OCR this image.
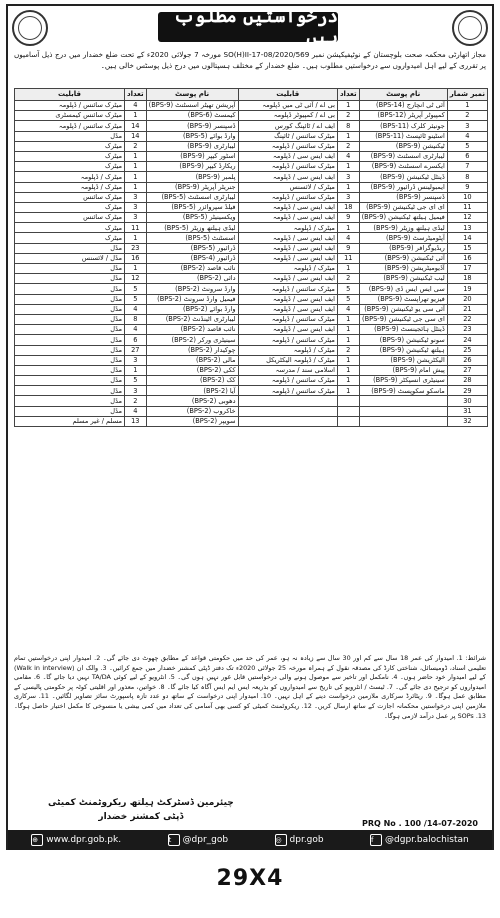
درخواستیں مطلوب ہیں
مجاز اتھارٹی محکمہ صحت بلوچستان کے نوٹیفیکیشن نمبر SO(H)II-17-08/2020/569 مورخہ 7 جولائی 2020ء کے تحت ضلع خضدار میں درج ذیل آسامیوں پر تقرری کے لیے اہل امیدواروں سے درخواستیں مطلوب ہیں۔ ضلع خضدار کے مختلف ہسپتالوں میں درج ذیل پوسٹس خالی ہیں۔
نمبر شمار	نام پوسٹ	تعداد	قابلیت	نام پوسٹ	تعداد	قابلیت
1	آئی ٹی انچارج (BPS-14)	1	بی اے / آئی ٹی میں ڈپلومہ	آپریشن تھیٹر اسسٹنٹ (BPS-9)	4	میٹرک سائنس / ڈپلومہ
2	کمپیوٹر آپریٹر (BPS-12)	2	بی اے / کمپیوٹر ڈپلومہ	کیمسٹ (BPS-6)	1	میٹرک سائنس کیمسٹری
3	جونیئر کلرک (BPS-11)	8	ایف اے / ٹائپنگ کورس	ڈسپنسر (BPS-9)	14	میٹرک سائنس / ڈپلومہ
4	اسٹینو ٹائپسٹ (BPS-11)	1	میٹرک سائنس / ٹائپنگ	وارڈ بوائے (BPS-5)	14	مڈل
5	ٹیکنیشن (BPS-9)	2	میٹرک سائنس / ڈپلومہ	لیبارٹری (BPS-9)	2	میٹرک
6	لیبارٹری اسسٹنٹ (BPS-9)	4	ایف ایس سی / ڈپلومہ	اسٹور کیپر (BPS-9)	1	میٹرک
7	ایکسرے اسسٹنٹ (BPS-9)	1	میٹرک سائنس / ڈپلومہ	ریکارڈ کیپر (BPS-9)	1	میٹرک
8	ڈینٹل ٹیکنیشن (BPS-9)	3	ایف ایس سی / ڈپلومہ	پلمبر (BPS-9)	1	میٹرک / ڈپلومہ
9	ایمبولینس ڈرائیور (BPS-9)	1	میٹرک / لائسنس	جنریٹر آپریٹر (BPS-9)	1	میٹرک / ڈپلومہ
10	ڈسپنسر (BPS-9)	3	میٹرک سائنس / ڈپلومہ	لیبارٹری اسسٹنٹ (BPS-5)	3	میٹرک سائنس
11	ای ای جی ٹیکنیشن (BPS-9)	18	ایف ایس سی / ڈپلومہ	فیلڈ سپروائزر (BPS-5)	3	میٹرک
12	فیمیل ہیلتھ ٹیکنیشن (BPS-9)	9	ایف ایس سی / ڈپلومہ	ویکسینیٹر (BPS-5)	3	میٹرک سائنس
13	لیڈی ہیلتھ وزیٹر (BPS-9)	1	میٹرک / ڈپلومہ	لیڈی ہیلتھ وزیٹر (BPS-5)	11	میٹرک
14	آپٹومیٹرسٹ (BPS-9)	4	ایف ایس سی / ڈپلومہ	اسسٹنٹ (BPS-5)	1	میٹرک
15	ریڈیوگرافر (BPS-9)	9	ایف ایس سی / ڈپلومہ	ڈرائیور (BPS-5)	23	مڈل
16	آئی ٹیکنیشن (BPS-9)	11	ایف ایس سی / ڈپلومہ	ڈرائیور (BPS-4)	16	مڈل / لائسنس
17	آڈیومیٹریشن (BPS-9)	1	میٹرک / ڈپلومہ	نائب قاصد (BPS-2)	1	مڈل
18	لیب ٹیکنیشن (BPS-9)	2	ایف ایس سی / ڈپلومہ	دائی (BPS-2)	12	مڈل
19	سی ایس ایس ڈی (BPS-9)	5	میٹرک سائنس / ڈپلومہ	وارڈ سرونٹ (BPS-2)	5	مڈل
20	فیزیو تھراپسٹ (BPS-9)	5	ایف ایس سی / ڈپلومہ	فیمیل وارڈ سرونٹ (BPS-2)	5	مڈل
21	آئی سی یو ٹیکنیشن (BPS-9)	4	ایف ایس سی / ڈپلومہ	وارڈ بوائے (BPS-2)	4	مڈل
22	ای سی جی ٹیکنیشن (BPS-9)	1	میٹرک سائنس / ڈپلومہ	لیبارٹری اٹینڈنٹ (BPS-2)	8	مڈل
23	ڈینٹل ہائجینسٹ (BPS-9)	1	ایف ایس سی / ڈپلومہ	نائب قاصد (BPS-2)	4	مڈل
24	سونو ٹیکنیشن (BPS-9)	1	میٹرک سائنس / ڈپلومہ	سینیٹری ورکر (BPS-2)	6	مڈل
25	ہیلتھ ٹیکنیشن (BPS-9)	2	میٹرک / ڈپلومہ	چوکیدار (BPS-2)	27	مڈل
26	الیکٹریشن (BPS-9)	1	میٹرک / ڈپلومہ الیکٹریکل	مالی (BPS-2)	3	مڈل
27	پیش امام (BPS-9)	1	اسلامی سند / مدرسہ	ککی (BPS-2)	1	مڈل
28	سینیٹری انسپکٹر (BPS-9)	1	میٹرک سائنس / ڈپلومہ	کک (BPS-2)	5	مڈل
29	ماسکو سکوپسٹ (BPS-9)	1	میٹرک سائنس / ڈپلومہ	آیا (BPS-2)	3	مڈل
30				دھوبی (BPS-2)	2	مڈل
31				خاکروب (BPS-2)	4	مڈل
32				سویپر (BPS-2)	13	مسلم / غیر مسلم
شرائط: 1. امیدوار کی عمر 18 سال سے کم اور 30 سال سے زیادہ نہ ہو، عمر کی حد میں حکومتی قواعد کے مطابق چھوٹ دی جائے گی۔ 2. امیدوار اپنی درخواستیں تمام تعلیمی اسناد، ڈومیسائل، شناختی کارڈ کی مصدقہ نقول کے ہمراہ مورخہ 25 جولائی 2020ء تک دفتر ڈپٹی کمشنر خضدار میں جمع کرائیں۔ 3. والک ان (Walk in interview) کے لیے امیدوار خود حاضر ہوں۔ 4. نامکمل اور تاخیر سے موصول ہونے والی درخواستیں قابل غور نہیں ہوں گی۔ 5. انٹرویو کے لیے کوئی TA/DA نہیں دیا جائے گا۔ 6. مقامی امیدواروں کو ترجیح دی جائے گی۔ 7. ٹیسٹ / انٹرویو کی تاریخ سے امیدواروں کو بذریعہ ایس ایم ایس آگاہ کیا جائے گا۔ 8. خواتین، معذور اور اقلیتی کوٹہ پر حکومتی پالیسی کے مطابق عمل ہوگا۔ 9. ریٹائرڈ سرکاری ملازمین درخواست دینے کے اہل نہیں۔ 10. امیدوار اپنی درخواست کے ساتھ دو عدد تازہ پاسپورٹ سائز تصاویر لگائیں۔ 11. سرکاری ملازمین اپنی درخواستیں محکمانہ اجازت کے ساتھ ارسال کریں۔ 12. ریکروٹمنٹ کمیٹی کو کسی بھی آسامی کی تعداد میں کمی بیشی یا منسوخی کا مکمل اختیار حاصل ہوگا۔ 13. SOPs پر عمل درآمد لازمی ہوگا۔
چیئرمین ڈسٹرکٹ ہیلتھ ریکروٹمنٹ کمیٹی
ڈپٹی کمشنر خضدار
PRQ No . 100 /14-07-2020
⊕ www.dpr.gob.pk.	t	@dpr_gob	◎ dpr.gob	f	@dgpr.balochistan
29X4
